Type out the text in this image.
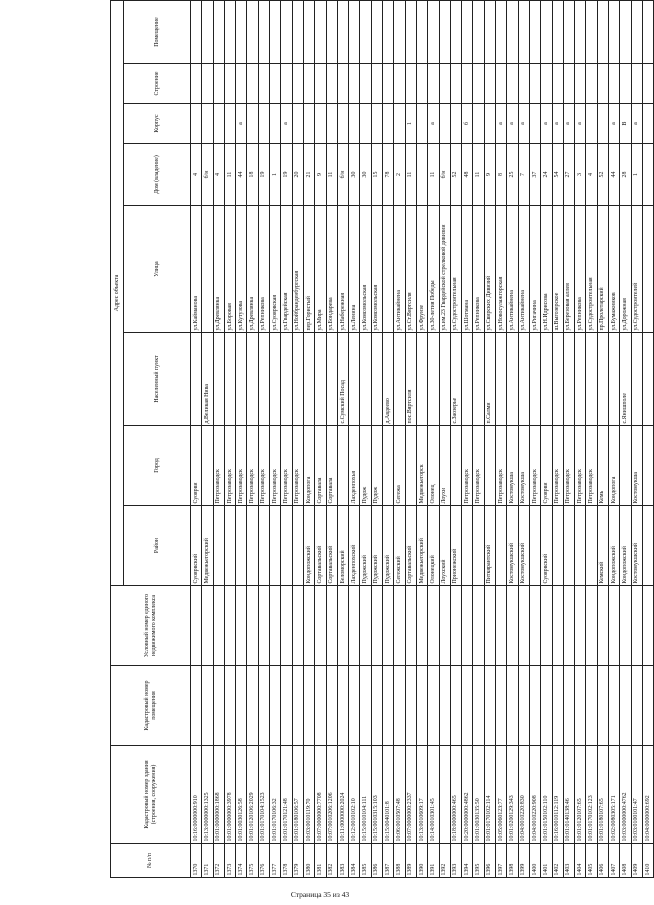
№ п/п	Кадастровый номер здания (строения, сооружения)	Кадастровый номер помещения	Условный номер единого недвижимого комплекса	Адрес объекта							
				Район	Город	Населенный пункт	Улица	Дом (владение)	Корпус	Строение	Помещение
1370	10:16:0000000:910			Суоярвский	Суоярви		ул.Кайманова	4			
1371	10:13:0000000:1325			Медвежьегорский		д.Великая Нива		б/н			
1372	10:01:0000000:1868				Петрозаводск		ул.Древлянка	4			
1373	10:01:0000000:3978				Петрозаводск		ул.Боровая	11			
1374	10:01:0030126:58				Петрозаводск		ул.Кутузова	44	а		
1375	10:01:0120106:2029				Петрозаводск		ул.Древлянка	18			
1376	10:01:0170104:1523				Петрозаводск		ул.Репникова	19			
1377	10:01:0170106:32				Петрозаводск		ул.Суоярвская	1			
1378	10:01:0170121:48				Петрозаводск		ул.Гвардейская	19	а		
1379	10:01:0180106:57				Петрозаводск		ул.Нойбранденбургская	20			
1380	10:03:0010119:70			Кондопожский	Кондопога		пер.Гористый	21			
1381	10:07:0000000:7708			Сортавальский	Сортавала		ул.Мира	9			
1382	10:07:0010206:1206			Сортавальский	Сортавала		ул.Бондарева	11			
1383	10:11:0000000:2024			Беломорский		с.Сумский Посад	ул.Набережная	б/н			
1384	10:12:0010102:10			Лахденпохский	Лахденпохья		ул.Ленина	30			
1385	10:15:0010104:111			Пудожский	Пудож		ул.Комсомольская	30			
1386	10:15:0010315:103			Пудожский	Пудож		ул.Комсомольская	15			
1387	10:15:0040101:8			Пудожский		д.Авдеево		78			
1388	10:06:0010507:48			Сегежский	Сегежа		ул.Антикайнена	2			
1389	10:07:0000000:2337			Сортавальский		пос.Вяртсиля	ул.Ст.Вяртсиля	11	1		
1390	10:13:0010609:17			Медвежьегорский	Медвежьегорск		ул.Фрунзе				
1391	10:14:0010301:45			Олонецкий	Олонец		ул.30-летия Победы	11	а		
1392				Лоухский	Лоухи		ул.им.23 Гвардейской стрелковой дивизии	б/н			
1393	10:18:0000000:465			Прионежский		с.Заозерье	ул.Судостроительная	52			
1394	10:20:0000000:4862				Петрозаводск		ул.Шотмана	48	б		
1395	10:01:0030135:50				Петрозаводск		ул.Репникова	11			
1396	10:01:0170102:114			Питкярантский		п.Салми	ул.Свирских Дивизий	9			
1397	10:05:0060123:77				Петрозаводск		ул.Новосулажгорская	8	а		
1398	10:01:0200129:343			Костомукшский	Костомукша		ул.Антикайнена	25	а		
1399	10:04:0010220:830			Костомукшский	Костомукша		ул.Антикайнена	7	а		
1400	10:04:0010220:908				Петрозаводск		ул.Ригачина	37			
1401	10:01:0150102:110			Суоярвский	Суоярви		ул.Н.Идрисова	24	а		
1402	10:16:0010112:119				Петрозаводск		ш.Выгозерское	54	а		
1403	10:01:0140138:46				Петрозаводск		ул.Березовая аллея	27	а		
1404	10:01:0120107:65				Петрозаводск		ул.Репникова	3	а		
1405	10:01:0170102:123				Петрозаводск		ул.Судостроительная	4			
1406	10:01:0180107:65			Кемский	Кемь		пр.Пролетарский	52			
1407	10:02:0080305:171			Кондопожский	Кондопога		ул.Бумажников	44	а		
1408	10:03:0000000:4762			Кондопожский		с.Янишполе	ул.Дорожная	28	В		
1409	10:03:0100101:47			Костомукшский	Костомукша		ул.Судостроителей	1	а		
1410	10:04:0000000:692										
Страница 35 из 43
